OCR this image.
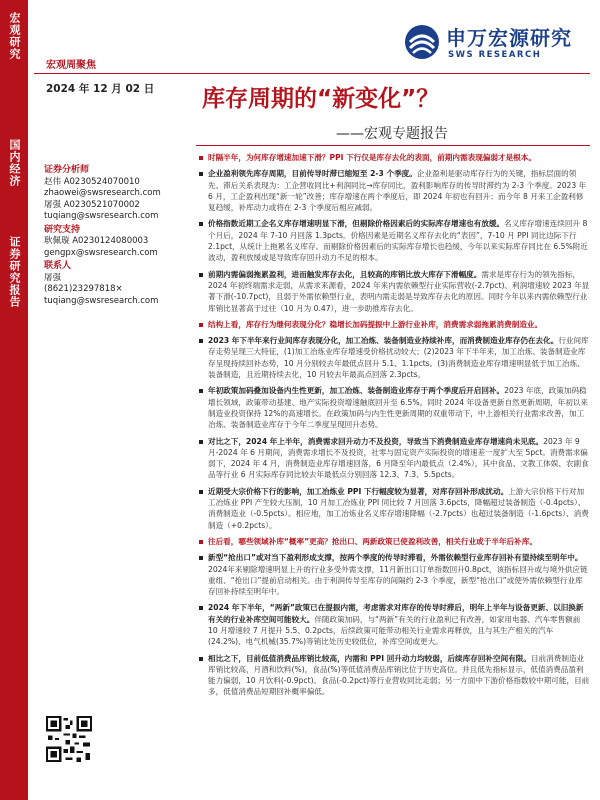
宏观研究
国内经济
证券研究报告
申万宏源研究
SWS RESEARCH
宏观周聚焦
2024 年 12 月 02 日 库存周期的“新变化”？
——宏观专题报告
证券分析师
赵伟 A0230524070010
zhaowei@swsresearch.com
屠强 A0230521070002
tuqiang@swsresearch.com
研究支持
耿佩璇 A0230124080003
gengpx@swsresearch.com
联系人
屠强
(8621)23297818×
tuqiang@swsresearch.com
时隔半年，为何库存增速加速下滑？PPI 下行仅是库存去化的表面，前期内需表现偏弱才是根本。
企业盈利领先库存周期，目前传导时滞已缩短至 2-3 个季度。企业盈利是驱动库存行为的关键，指标层面的领先、滞后关系表现为：工企营收同比+利润同比→库存同比，盈利影响库存的传导时滞约为 2-3 个季度。2023 年 6 月，工企盈利出现“新一轮”改善；库存增速在两个季度后，即 2024 年初也有回升；而今年 8 月来工企盈利修复趋缓，补库动力或将在 2-3 个季度后相应减弱。
价格指数近期工企名义库存增速明显下滑，但剔除价格因素后的实际库存增速也有放缓。名义库存增速连续回升 8 个月后，2024 年 7-10 月回落 1.3pcts。价格因素是近期名义库存去化的“表因”，7-10 月 PPI 同比边际下行 2.1pct，从统计上拖累名义库存。而剔除价格因素后的实际库存增长也趋缓，今年以来实际库存同比在 6.5%附近波动，盈利放缓或是导致库存回升动力不足的根本。
前期内需偏弱拖累盈利，进而触发库存去化，且较高的库销比放大库存下滑幅度。需求是库存行为的领先指标，2024 年初终端需求走弱，从需求来源看，2024 年来内需依赖型行业实际营收(-2.7pct)、利润增速较 2023 年显著下滑(-10.7pct)，且弱于外需依赖型行业，表明内需走弱是导致库存去化的原因。同时今年以来内需依赖型行业库销比显著高于过往（10 月为 0.47），进一步助推库存去化。
结构上看，库存行为继何表现分化？稳增长加码提振中上游行业补库，消费需求弱拖累消费制造业。
2023 年下半年来行业间库存表现分化，加工冶炼、装备制造业持续补库，而消费制造业库存仍在去化。行业间库存走势呈现三大特征，(1)加工冶炼业库存增速受价格扰动较大；(2)2023 年下半年来，加工冶炼、装备制造业库存呈现持续回补态势，10 月分别较去年最低点回升 5.1、1.1pcts。(3)消费制造业库存增速明显低于加工冶炼、装备制造，且近期持续去化，10 月较去年最高点回落 2.3pcts。
年初政策加码叠加设备内生性更新，加工冶炼、装备制造业库存于两个季度后开启回补。2023 年底，政策加码稳增长领域，政策带动基建、地产实际投资增速触底回升至 6.5%。同时 2024 年设备更新自然更新周期，年初以来制造业投资保持 12%的高速增长。在政策加码与内生性更新周期的双重带动下，中上游相关行业需求改善，加工冶炼、装备制造业库存于今年二季度呈现回升态势。
对比之下，2024 年上半年，消费需求回升动力不及投资，导致当下消费制造业库存增速尚未见底。2023 年 9 月-2024 年 6 月期间，消费需求增长不及投资，社零与固定资产实际投资的增速差一度扩大至 5pct。消费需求偏弱下，2024 年 4 月，消费制造业库存增速回落，6 月降至年内最低点（2.4%），其中食品、文教工体娱、农副食品等行业 6 月实际库存同比较去年最低点分别回落 12.3、7.3、5.5pcts。
近期受大宗价格下行的影响，加工冶炼业 PPI 下行幅度较为显著，对库存回补形成扰动。上游大宗价格下行对加工冶炼业 PPI 产生较大压制，10 月加工冶炼业 PPI 同比较 7 月回落 3.6pcts，降幅超过装备制造（-0.4pcts）、消费制造业（-0.5pcts）。相应地，加工冶炼业名义库存增速降幅（-2.7pcts）也超过装备制造（-1.6pcts）、消费制造（+0.2pcts）。
往后看，哪些领域补库“概率”更高？抢出口、两新政策已使盈利改善，相关行业或于半年后补库。
新型“抢出口”或对当下盈利形成支撑，按两个季度的传导时滞看，外需依赖型行业库存回补有望持续至明年中。2024年来剔除增速明显上升的行业多受外需支撑，11月新出口订单指数回升0.8pct，该指标回升或与境外供应链重组、“抢出口”提前启动相关。由于利润传导至库存的间隔约 2-3 个季度，新型“抢出口”或使外需依赖型行业库存回补持续至明年中。
2024 年下半年，“两新”政策已在提振内需，考虑需求对库存的传导时滞后，明年上半年与设备更新、以旧换新有关的行业补库空间可能较大。伴随政策加码，与“两新”有关的行业盈利已有改善，如家用电器、汽车零售额前 10 月增速较 7 月提升 5.5、0.2pcts，后续政策可能带动相关行业需求再释放，且与其生产相关的汽车(24.2%)、电气机械(35.7%)等销比处历史较低位，补库空间或更大。
相比之下，目前低值消费品库销比较高，内需和 PPI 回升动力均较弱，后续库存回补空间有限。目前消费制造业库销比较高，月酒和饮料(%)，食品(%)等低值消费品库销比位于历史高位。并且低先指标显示，低值消费品盈利能力偏弱，10 月饮料(-0.9pct)、食品(-0.2pct)等行业营收同比走弱；另一方面中下游价格指数较中期可能，目前多，低值消费品短期回补概率偏低。
